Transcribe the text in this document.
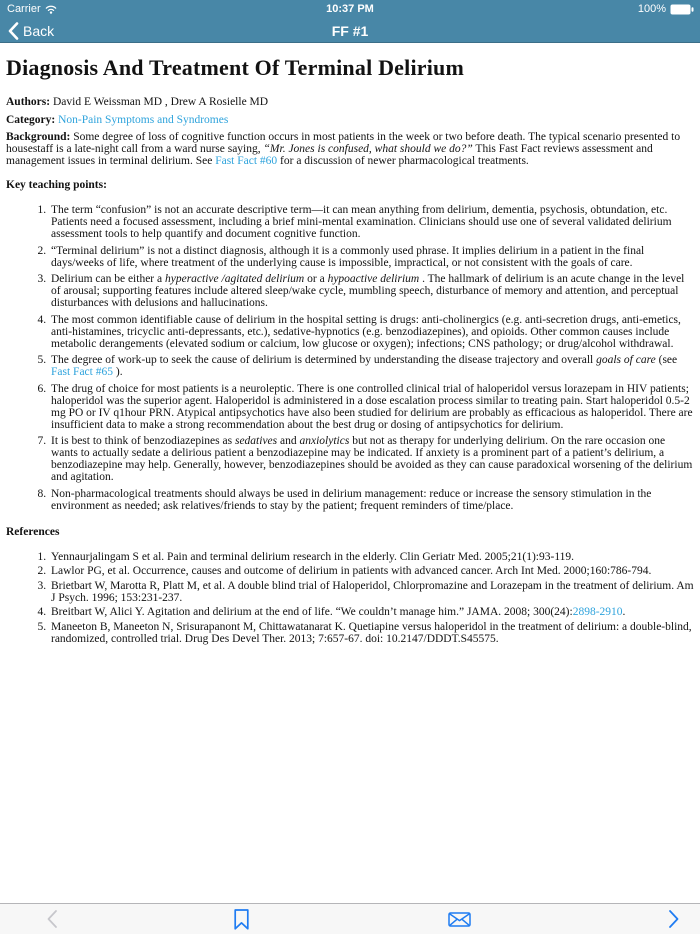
Carrier	10:37 PM	100%
Back	FF #1
Diagnosis And Treatment Of Terminal Delirium

Authors: David E Weissman MD , Drew A Rosielle MD

Category: Non-Pain Symptoms and Syndromes

Background: Some degree of loss of cognitive function occurs in most patients in the week or two before death. The typical scenario presented to housestaff is a late-night call from a ward nurse saying, “Mr. Jones is confused, what should we do?” This Fast Fact reviews assessment and management issues in terminal delirium. See Fast Fact #60 for a discussion of newer pharmacological treatments.

Key teaching points:

1. The term “confusion” is not an accurate descriptive term—it can mean anything from delirium, dementia, psychosis, obtundation, etc. Patients need a focused assessment, including a brief mini-mental examination. Clinicians should use one of several validated delirium assessment tools to help quantify and document cognitive function.
2. “Terminal delirium” is not a distinct diagnosis, although it is a commonly used phrase. It implies delirium in a patient in the final days/weeks of life, where treatment of the underlying cause is impossible, impractical, or not consistent with the goals of care.
3. Delirium can be either a hyperactive /agitated delirium or a hypoactive delirium . The hallmark of delirium is an acute change in the level of arousal; supporting features include altered sleep/wake cycle, mumbling speech, disturbance of memory and attention, and perceptual disturbances with delusions and hallucinations.
4. The most common identifiable cause of delirium in the hospital setting is drugs: anti-cholinergics (e.g. anti-secretion drugs, anti-emetics, anti-histamines, tricyclic anti-depressants, etc.), sedative-hypnotics (e.g. benzodiazepines), and opioids. Other common causes include metabolic derangements (elevated sodium or calcium, low glucose or oxygen); infections; CNS pathology; or drug/alcohol withdrawal.
5. The degree of work-up to seek the cause of delirium is determined by understanding the disease trajectory and overall goals of care (see Fast Fact #65 ).
6. The drug of choice for most patients is a neuroleptic. There is one controlled clinical trial of haloperidol versus lorazepam in HIV patients; haloperidol was the superior agent. Haloperidol is administered in a dose escalation process similar to treating pain. Start haloperidol 0.5-2 mg PO or IV q1hour PRN. Atypical antipsychotics have also been studied for delirium are probably as efficacious as haloperidol. There are insufficient data to make a strong recommendation about the best drug or dosing of antipsychotics for delirium.
7. It is best to think of benzodiazepines as sedatives and anxiolytics but not as therapy for underlying delirium. On the rare occasion one wants to actually sedate a delirious patient a benzodiazepine may be indicated. If anxiety is a prominent part of a patient’s delirium, a benzodiazepine may help. Generally, however, benzodiazepines should be avoided as they can cause paradoxical worsening of the delirium and agitation.
8. Non-pharmacological treatments should always be used in delirium management: reduce or increase the sensory stimulation in the environment as needed; ask relatives/friends to stay by the patient; frequent reminders of time/place.

References

1. Yennaurjalingam S et al. Pain and terminal delirium research in the elderly. Clin Geriatr Med. 2005;21(1):93-119.
2. Lawlor PG, et al. Occurrence, causes and outcome of delirium in patients with advanced cancer. Arch Int Med. 2000;160:786-794.
3. Brietbart W, Marotta R, Platt M, et al. A double blind trial of Haloperidol, Chlorpromazine and Lorazepam in the treatment of delirium. Am J Psych. 1996; 153:231-237.
4. Breitbart W, Alici Y. Agitation and delirium at the end of life. “We couldn’t manage him.” JAMA. 2008; 300(24):2898-2910.
5. Maneeton B, Maneeton N, Srisurapanont M, Chittawatanarat K. Quetiapine versus haloperidol in the treatment of delirium: a double-blind, randomized, controlled trial. Drug Des Devel Ther. 2013; 7:657-67. doi: 10.2147/DDDT.S45575.
